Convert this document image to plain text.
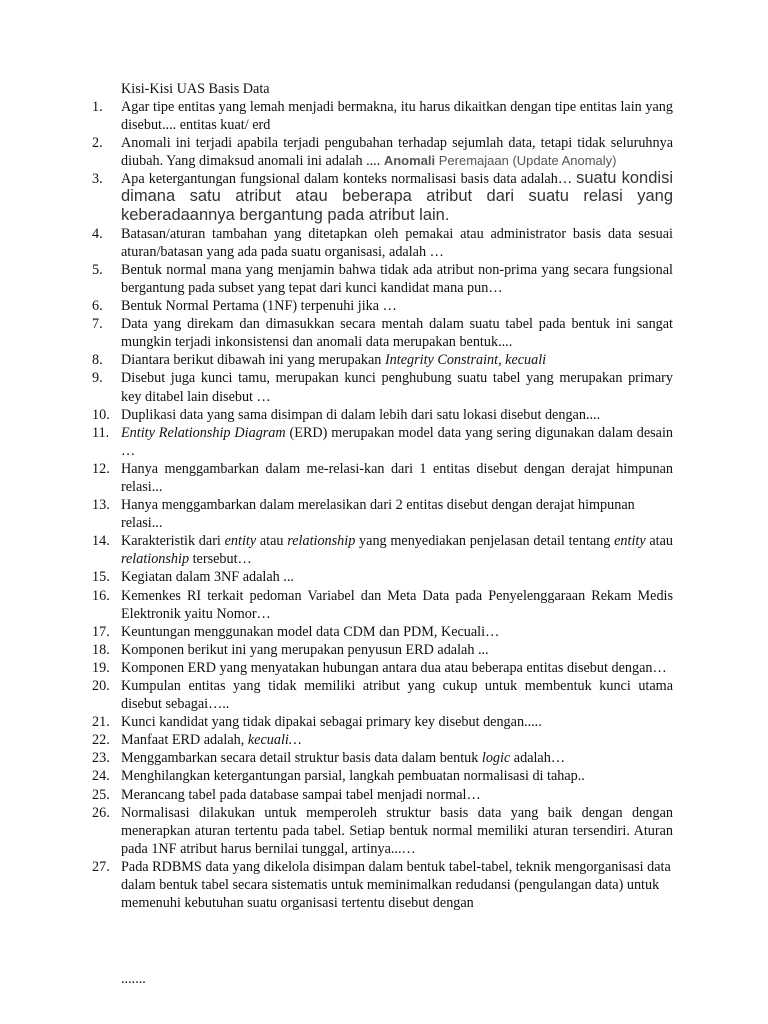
Kisi-Kisi UAS Basis Data
1. Agar tipe entitas yang lemah menjadi bermakna, itu harus dikaitkan dengan tipe entitas lain yang disebut.... entitas kuat/ erd
2. Anomali ini terjadi apabila terjadi pengubahan terhadap sejumlah data, tetapi tidak seluruhnya diubah. Yang dimaksud anomali ini adalah .... Anomali Peremajaan (Update Anomaly)
3. Apa ketergantungan fungsional dalam konteks normalisasi basis data adalah… suatu kondisi dimana satu atribut atau beberapa atribut dari suatu relasi yang keberadaannya bergantung pada atribut lain.
4. Batasan/aturan tambahan yang ditetapkan oleh pemakai atau administrator basis data sesuai aturan/batasan yang ada pada suatu organisasi, adalah …
5. Bentuk normal mana yang menjamin bahwa tidak ada atribut non-prima yang secara fungsional bergantung pada subset yang tepat dari kunci kandidat mana pun…
6. Bentuk Normal Pertama (1NF) terpenuhi jika …
7. Data yang direkam dan dimasukkan secara mentah dalam suatu tabel pada bentuk ini sangat mungkin terjadi inkonsistensi dan anomali data merupakan bentuk....
8. Diantara berikut dibawah ini yang merupakan Integrity Constraint, kecuali
9. Disebut juga kunci tamu, merupakan kunci penghubung suatu tabel yang merupakan primary key ditabel lain disebut …
10. Duplikasi data yang sama disimpan di dalam lebih dari satu lokasi disebut dengan....
11. Entity Relationship Diagram (ERD) merupakan model data yang sering digunakan dalam desain …
12. Hanya menggambarkan dalam me-relasi-kan dari 1 entitas disebut dengan derajat himpunan relasi...
13. Hanya menggambarkan dalam merelasikan dari 2 entitas disebut dengan derajat himpunan relasi...
14. Karakteristik dari entity atau relationship yang menyediakan penjelasan detail tentang entity atau relationship tersebut…
15. Kegiatan dalam 3NF adalah ...
16. Kemenkes RI terkait pedoman Variabel dan Meta Data pada Penyelenggaraan Rekam Medis Elektronik yaitu Nomor…
17. Keuntungan menggunakan model data CDM dan PDM, Kecuali…
18. Komponen berikut ini yang merupakan penyusun ERD adalah ...
19. Komponen ERD yang menyatakan hubungan antara dua atau beberapa entitas disebut dengan…
20. Kumpulan entitas yang tidak memiliki atribut yang cukup untuk membentuk kunci utama disebut sebagai…..
21. Kunci kandidat yang tidak dipakai sebagai primary key disebut dengan.....
22. Manfaat ERD adalah, kecuali…
23. Menggambarkan secara detail struktur basis data dalam bentuk logic adalah…
24. Menghilangkan ketergantungan parsial, langkah pembuatan normalisasi di tahap..
25. Merancang tabel pada database sampai tabel menjadi normal…
26. Normalisasi dilakukan untuk memperoleh struktur basis data yang baik dengan dengan menerapkan aturan tertentu pada tabel. Setiap bentuk normal memiliki aturan tersendiri. Aturan pada 1NF atribut harus bernilai tunggal, artinya...…
27. Pada RDBMS data yang dikelola disimpan dalam bentuk tabel-tabel, teknik mengorganisasi data dalam bentuk tabel secara sistematis untuk meminimalkan redudansi (pengulangan data) untuk memenuhi kebutuhan suatu organisasi tertentu disebut dengan
.......
